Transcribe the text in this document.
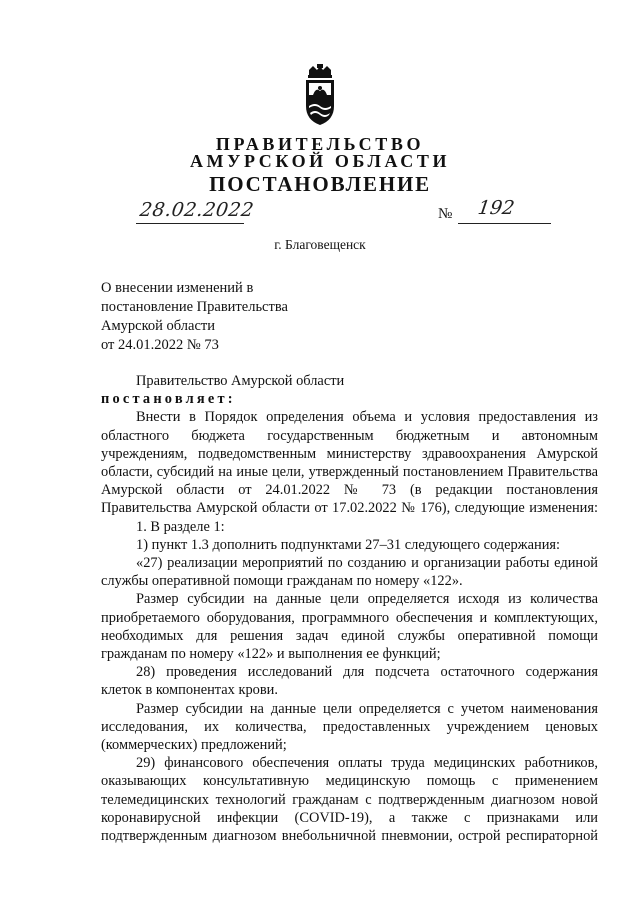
ПРАВИТЕЛЬСТВО
АМУРСКОЙ ОБЛАСТИ
ПОСТАНОВЛЕНИЕ
28.02.2022	№ 192
г. Благовещенск
О внесении изменений в
постановление Правительства
Амурской области
от 24.01.2022 № 73
Правительство Амурской области
постановляет:
Внести в Порядок определения объема и условия предоставления из
областного бюджета государственным бюджетным и автономным
учреждениям, подведомственным министерству здравоохранения Амурской
области, субсидий на иные цели, утвержденный постановлением Правительства
Амурской области от 24.01.2022 № 73 (в редакции постановления
Правительства Амурской области от 17.02.2022 № 176), следующие изменения:
1. В разделе 1:
1) пункт 1.3 дополнить подпунктами 27–31 следующего содержания:
«27) реализации мероприятий по созданию и организации работы единой
службы оперативной помощи гражданам по номеру «122».
Размер субсидии на данные цели определяется исходя из количества
приобретаемого оборудования, программного обеспечения и комплектующих,
необходимых для решения задач единой службы оперативной помощи
гражданам по номеру «122» и выполнения ее функций;
28) проведения исследований для подсчета остаточного содержания
клеток в компонентах крови.
Размер субсидии на данные цели определяется с учетом наименования
исследования, их количества, предоставленных учреждением ценовых
(коммерческих) предложений;
29) финансового обеспечения оплаты труда медицинских работников,
оказывающих консультативную медицинскую помощь с применением
телемедицинских технологий гражданам с подтвержденным диагнозом новой
коронавирусной инфекции (COVID-19), а также с признаками или
подтвержденным диагнозом внебольничной пневмонии, острой респираторной
